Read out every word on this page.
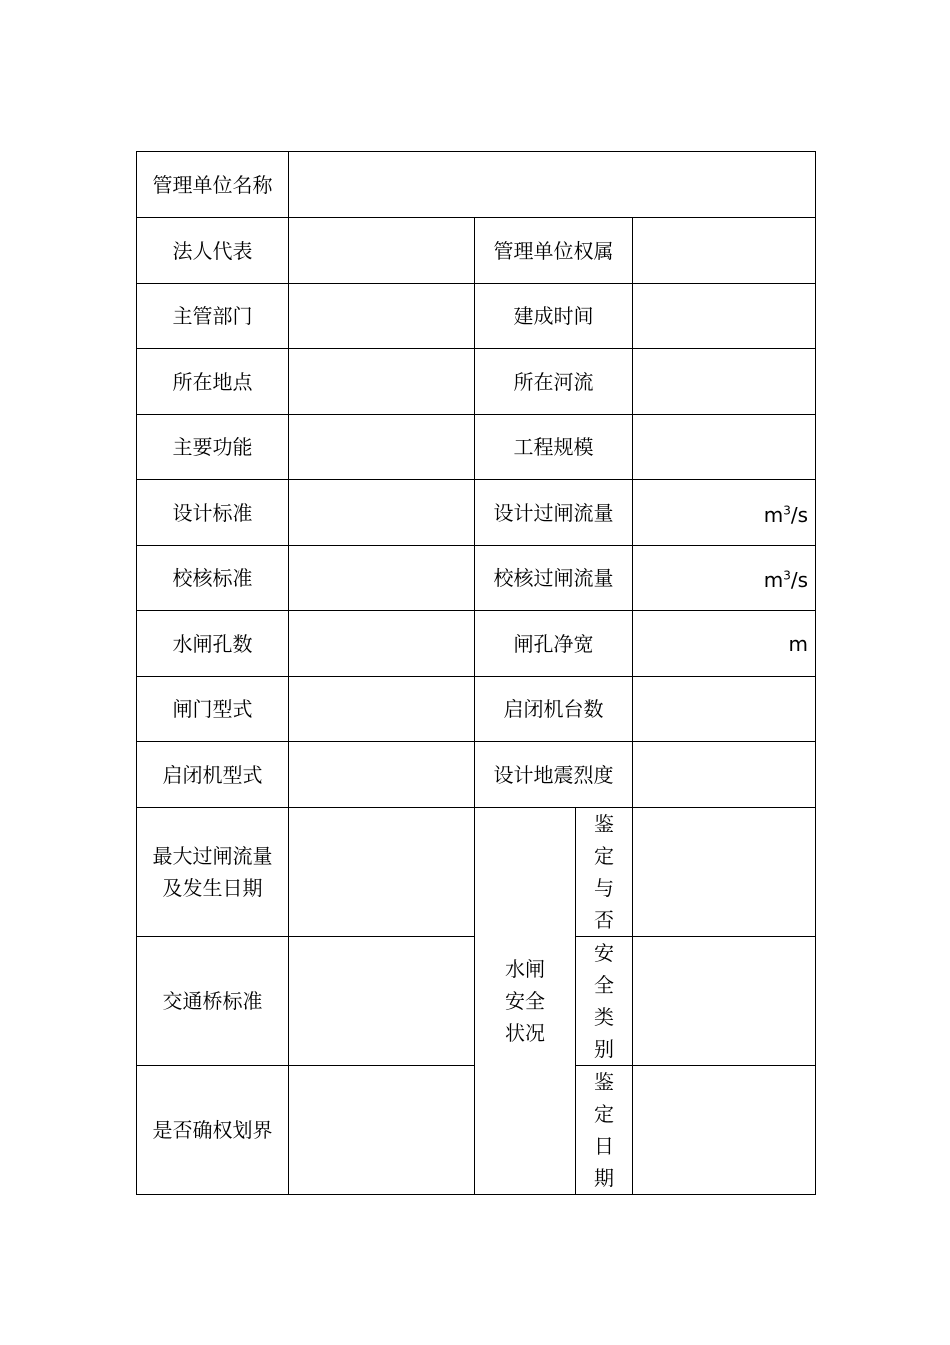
管理单位名称				
法人代表		管理单位权属		
主管部门		建成时间		
所在地点		所在河流		
主要功能		工程规模		
设计标准		设计过闸流量		$m^3/s$
校核标准		校核过闸流量		$m^3/s$
水闸孔数		闸孔净宽		m
闸门型式		启闭机台数		
启闭机型式		设计地震烈度		
最大过闸流量
及发生日期		水闸安全状况	鉴定与否	
交通桥标准			安全类别	
是否确权划界			鉴定日期	
